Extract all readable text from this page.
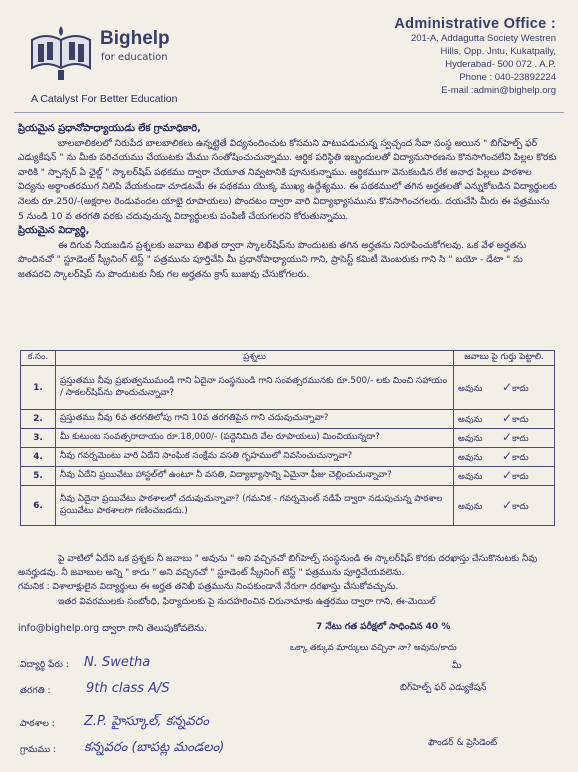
Bighelp
for education
A Catalyst For Better Education
Administrative Office :
201-A, Addagutta Society Westren
Hills, Opp. Jntu, Kukatpally,
Hyderabad- 500 072 . A.P.
Phone : 040-23892224
E-mail :admin@bighelp.org

ప్రియమైన ప్రధానోపాధ్యాయుడు లేక గ్రామాధికారి,

బాలబాలికలలో నిరుపేద బాలబాలికలు ఉన్నట్లైతే విద్యనందించుట కోసమని పాటుపడుచున్న స్వచ్ఛంద సేవా సంస్థ అయిన " బిగ్‌హెల్ప్ ఫర్ ఎడ్యుకేషన్ " ను మీకు పరిచయము చేయుటకు మేము సంతోషించుచున్నాము. ఆర్థిక పరిస్థితి ఇబ్బందులతో విద్యానుసారణను కొనసాగించలేని పిల్లల కొరకు వారికి " స్పాన్సర్ ఏ ఛైల్డ్ " స్కాలర్‌షిప్ పథకము ద్వారా చేయూత నివ్వటానికి పూనుకున్నాము. ఆర్థికముగా వెనుకబడిన లేక అనాధ పిల్లలు పాఠశాల విద్యను అర్థాంతరముగ నిలిపి వేయకుండా చూడటమే ఈ పథకము యొక్క ముఖ్య ఉద్దేశ్యము. ఈ పథకములో తగిన అర్హతలతో ఎన్నుకోబడిన విద్యార్థులకు నెలకు రూ.250/-(అక్షరాల రెండువందల యాభై రూపాయలు) పొందటం ద్వారా వారి విద్యాభ్యాసమును కొనసాగించగలరు. దయచేసి మీరు ఈ పత్రమును 5 నుండి 10 వ తరగతి వరకు చదువుచున్న విద్యార్థులకు పంపిణీ చేయగలరని కోరుతున్నాము.

ప్రియమైన విద్యార్థి,

ఈ దిగువ నీయబడిన ప్రశ్నలకు జవాబు లిఖిత ద్వారా స్కాలర్‌షిప్‌ను పొందుటకు తగిన అర్హతను నిరూపించుకోగలవు. ఒక వేళ అర్హతను పొందినచో " స్టూడెంట్ స్క్రీనింగ్ టెస్ట్ " పత్రమును పూర్తిచేసి మీ ప్రధానోపాధ్యాయుని గాని, ప్రాసెస్ట్ కమిటీ మెంబరుకు గాని సి " బయో - డేటా " ను జతపరచి స్కాలర్‌షిప్ ను పొందుటకు నీకు గల అర్హతను క్రాస్ బుజువు చేసుకోగలరు.

క.సం.	ప్రశ్నలు	జవాబు పై గుర్తు పెట్టాలి.
1.	ప్రస్తుతము నీవు ప్రభుత్వముమండి గాని ఏదైనా సంస్థనుండి గాని సంవత్సరమునకు రూ.500/- లకు మించి సహాయం / సాకలర్‌షిప్‌ను పొందుచున్నావా?	అవును ✓కాదు
2.	ప్రస్తుతము నీవు 6వ తరగతిలోపు గాని 10వ తరగతిపైన గాని చదువుచున్నావా?	అవును ✓కాదు
3.	మీ కుటుంబ సంవత్సరాదాయం రూ.18,000/- (పద్దెనిమిది వేల రూపాయలు) మించియున్నదా?	అవును ✓కాదు
4.	నీవు గవర్నమెంటు వారి ఏదేని సాంఘిక సంక్షేమ వసతి గృహములో నివసించుచున్నావా?	అవును ✓కాదు
5.	నీవు ఏదేని ప్రయివేటు హాస్టల్‌లో ఉంటూ నీ వసతి, విద్యాభ్యాసాన్ని ఏమైనా ఫీజు చెల్లించుచున్నావా?	అవును ✓కాదు
6.	నీవు ఏదైనా ప్రయివేటు పాఠశాలలో చదువుచున్నావా? (గమనిక - గవర్నమెంట్ నడిపే ద్వారా నడుపుచున్న పాఠశాల ప్రయివేటు పాఠశాలగా గణించబడదు.)	అవును ✓కాదు

పై వాటిలో ఏదేని ఒక ప్రశ్నకు నీ జవాబు " అవును " అని వచ్చినచో బిగ్‌హెల్ప్ సంస్థనుండి ఈ స్కాలర్‌షిప్ కొరకు దరఖాస్తు చేసుకొనుటకు నీవు అనర్హుడవు. నీ జవాబుల అన్ని " కాదు " అని వచ్చినచో " స్టూడెంట్ స్క్రీనింగ్ టెస్ట్ " పత్రమును పూర్తిచేయవలెను.

గమనిక : విశాలాక్షులైన విద్యార్థులు ఈ అర్హత తనిఖీ పత్రమును నింపకుండానే నేరుగా దరఖాస్తు చేసుకోవచ్చును.

ఇతర వివరములకు సంబోంధి, ఫిర్యాదులకు పై నుదహరించిన చిరునామాకు ఉత్తరము ద్వారా గాని, ఈ-మెయిల్

info@bighelp.org ద్వారా గాని తెలుపుకోవలెను.	7 నేటు గత పరీక్షలో సాధించిన 40 %
ఒక్కా తక్కువ మార్కులు వచ్చినా నా? అవును/కాదు
విద్యార్థి పేరు : N. Swetha
తరగతి :	9th class A/S
పాఠశాల : Z.P. హైస్కూల్, కన్నవరం
గ్రామము : కన్నవరం (బాపట్ల మండలం)
మీ
బిగ్‌హెల్ప్ ఫర్ ఎడ్యుకేషన్
ఫౌండర్ & ప్రెసిడెంట్
